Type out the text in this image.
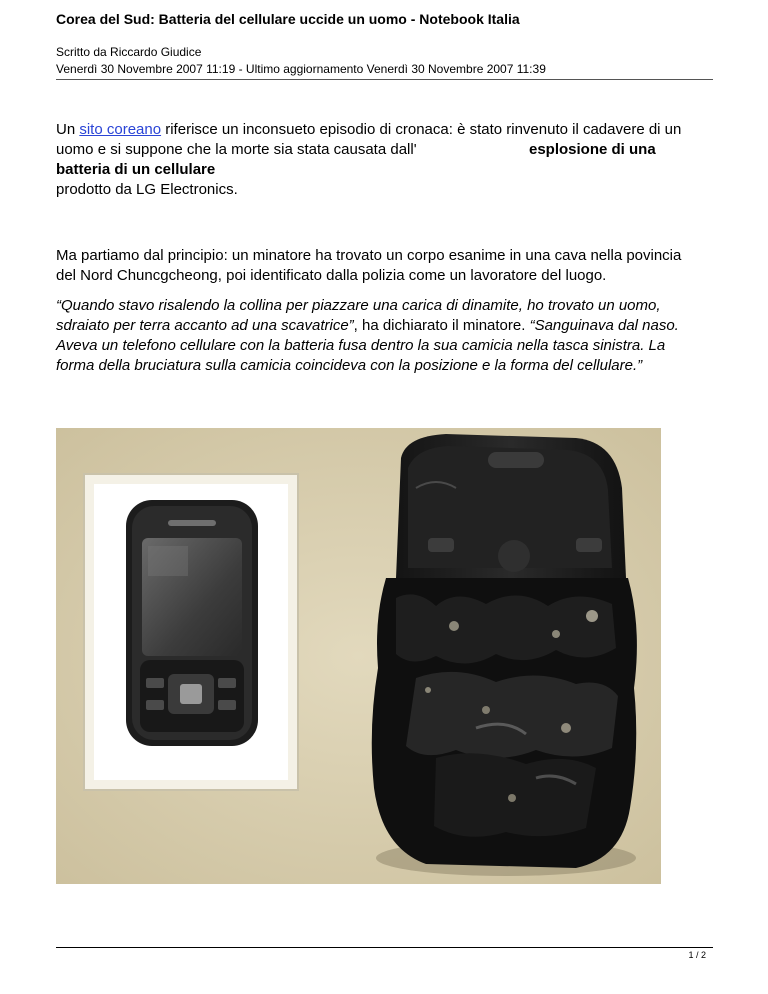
Corea del Sud: Batteria del cellulare uccide un uomo - Notebook Italia
Scritto da Riccardo Giudice
Venerdì 30 Novembre 2007 11:19 - Ultimo aggiornamento Venerdì 30 Novembre 2007 11:39
Un sito coreano riferisce un inconsueto episodio di cronaca: è stato rinvenuto il cadavere di un
uomo e si suppone che la morte sia stata causata dall'	esplosione di una
batteria di un cellulare
prodotto da LG Electronics.
Ma partiamo dal principio: un minatore ha trovato un corpo esanime in una cava nella povincia
del Nord Chuncgcheong, poi identificato dalla polizia come un lavoratore del luogo.
“Quando stavo risalendo la collina per piazzare una carica di dinamite, ho trovato un uomo,
sdraiato per terra accanto ad una scavatrice”, ha dichiarato il minatore. “Sanguinava dal naso.
Aveva un telefono cellulare con la batteria fusa dentro la sua camicia nella tasca sinistra. La
forma della bruciatura sulla camicia coincideva con la posizione e la forma del cellulare.”
1 / 2
